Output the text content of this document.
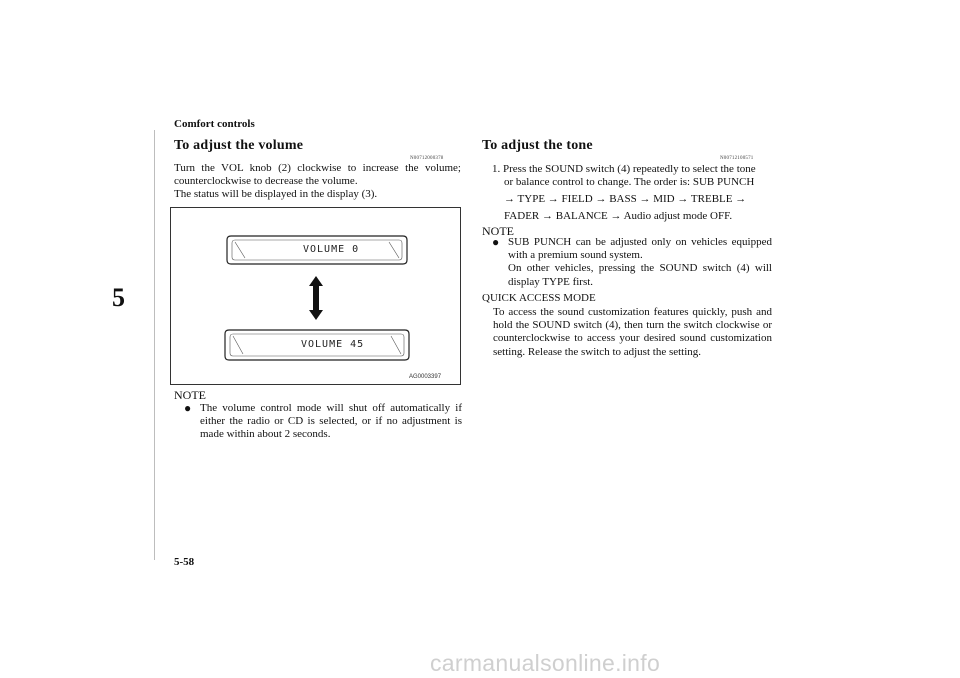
Comfort controls
5
5-58
To adjust the volume
N00712000378
Turn the VOL knob (2) clockwise to increase the volume; counterclockwise to decrease the volume.
The status will be displayed in the display (3).
VOLUME 0
VOLUME 45
AG0003397
NOTE
● The volume control mode will shut off automatically if either the radio or CD is selected, or if no adjustment is made within about 2 seconds.
To adjust the tone
N00712100571
1. Press the SOUND switch (4) repeatedly to select the tone
or balance control to change. The order is: SUB PUNCH
→ TYPE → FIELD → BASS → MID → TREBLE →
FADER → BALANCE → Audio adjust mode OFF.
NOTE
● SUB PUNCH can be adjusted only on vehicles equipped with a premium sound system.
On other vehicles, pressing the SOUND switch (4) will display TYPE first.
QUICK ACCESS MODE
To access the sound customization features quickly, push and hold the SOUND switch (4), then turn the switch clockwise or counterclockwise to access your desired sound customization setting. Release the switch to adjust the setting.
carmanualsonline.info
